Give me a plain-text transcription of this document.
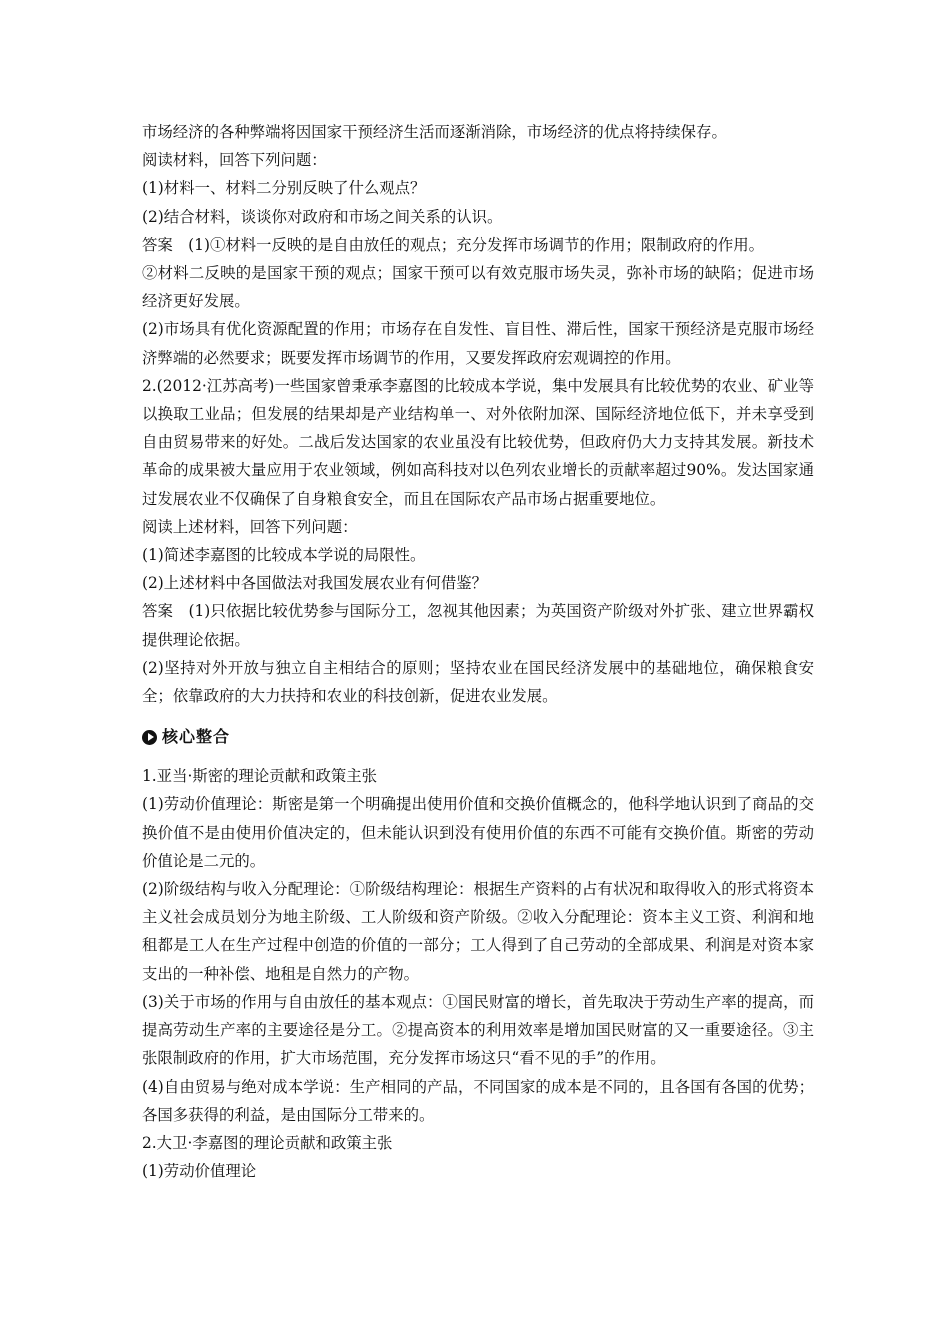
市场经济的各种弊端将因国家干预经济生活而逐渐消除，市场经济的优点将持续保存。

阅读材料，回答下列问题：

(1)材料一、材料二分别反映了什么观点？

(2)结合材料，谈谈你对政府和市场之间关系的认识。

答案　(1)①材料一反映的是自由放任的观点；充分发挥市场调节的作用；限制政府的作用。

②材料二反映的是国家干预的观点；国家干预可以有效克服市场失灵，弥补市场的缺陷；促进市场经济更好发展。

(2)市场具有优化资源配置的作用；市场存在自发性、盲目性、滞后性，国家干预经济是克服市场经济弊端的必然要求；既要发挥市场调节的作用，又要发挥政府宏观调控的作用。

2.(2012·江苏高考)一些国家曾秉承李嘉图的比较成本学说，集中发展具有比较优势的农业、矿业等以换取工业品；但发展的结果却是产业结构单一、对外依附加深、国际经济地位低下，并未享受到自由贸易带来的好处。二战后发达国家的农业虽没有比较优势，但政府仍大力支持其发展。新技术革命的成果被大量应用于农业领域，例如高科技对以色列农业增长的贡献率超过90%。发达国家通过发展农业不仅确保了自身粮食安全，而且在国际农产品市场占据重要地位。

阅读上述材料，回答下列问题：

(1)简述李嘉图的比较成本学说的局限性。

(2)上述材料中各国做法对我国发展农业有何借鉴？

答案　(1)只依据比较优势参与国际分工，忽视其他因素；为英国资产阶级对外扩张、建立世界霸权提供理论依据。

(2)坚持对外开放与独立自主相结合的原则；坚持农业在国民经济发展中的基础地位，确保粮食安全；依靠政府的大力扶持和农业的科技创新，促进农业发展。

核心整合

1.亚当·斯密的理论贡献和政策主张

(1)劳动价值理论：斯密是第一个明确提出使用价值和交换价值概念的，他科学地认识到了商品的交换价值不是由使用价值决定的，但未能认识到没有使用价值的东西不可能有交换价值。斯密的劳动价值论是二元的。

(2)阶级结构与收入分配理论：①阶级结构理论：根据生产资料的占有状况和取得收入的形式将资本主义社会成员划分为地主阶级、工人阶级和资产阶级。②收入分配理论：资本主义工资、利润和地租都是工人在生产过程中创造的价值的一部分；工人得到了自己劳动的全部成果、利润是对资本家支出的一种补偿、地租是自然力的产物。

(3)关于市场的作用与自由放任的基本观点：①国民财富的增长，首先取决于劳动生产率的提高，而提高劳动生产率的主要途径是分工。②提高资本的利用效率是增加国民财富的又一重要途径。③主张限制政府的作用，扩大市场范围，充分发挥市场这只“看不见的手”的作用。

(4)自由贸易与绝对成本学说：生产相同的产品，不同国家的成本是不同的，且各国有各国的优势；各国多获得的利益，是由国际分工带来的。

2.大卫·李嘉图的理论贡献和政策主张

(1)劳动价值理论
